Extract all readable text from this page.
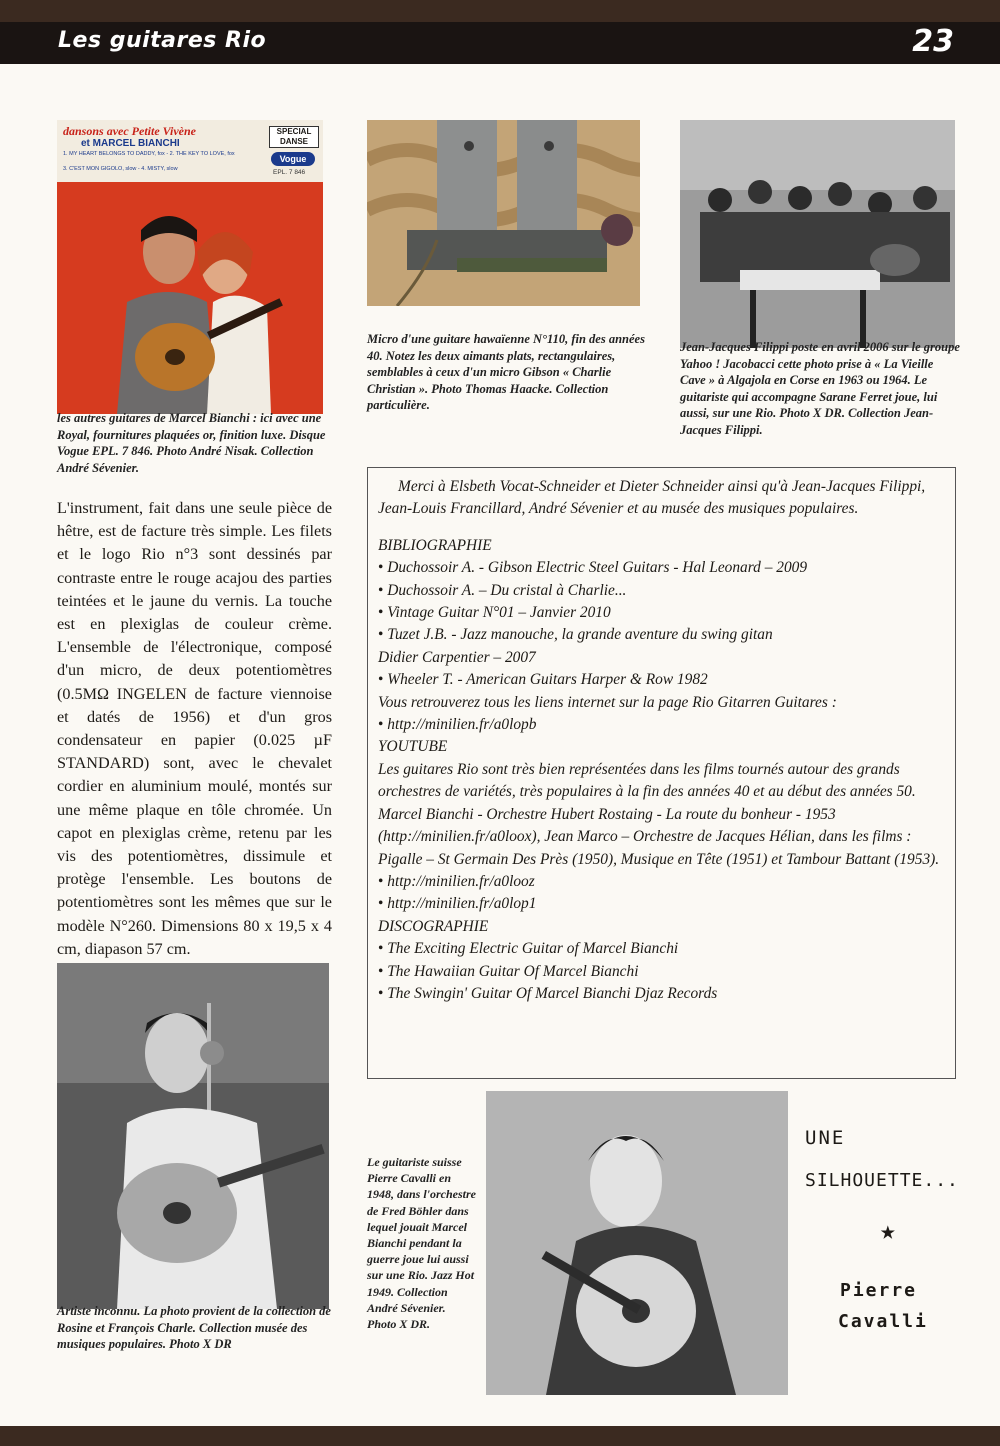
Les guitares Rio	23
dansons avec Petite Vivène
et MARCEL BIANCHI
1. MY HEART BELONGS TO DADDY, fox - 2. THE KEY TO LOVE, fox
3. C'EST MON GIGOLO, slow - 4. MISTY, slow
SPECIAL DANSE
Vogue
EPL. 7 846
les autres guitares de Marcel Bianchi : ici avec une Royal, fournitures plaquées or, finition luxe. Disque Vogue EPL. 7 846. Photo André Nisak. Collection André Sévenier.
Micro d'une guitare hawaïenne N°110, fin des années 40. Notez les deux aimants plats, rectangulaires, semblables à ceux d'un micro Gibson « Charlie Christian ». Photo Thomas Haacke. Collection particulière.
Jean-Jacques Filippi poste en avril 2006 sur le groupe Yahoo ! Jacobacci cette photo prise à « La Vieille Cave » à Algajola en Corse en 1963 ou 1964. Le guitariste qui accompagne Sarane Ferret joue, lui aussi, sur une Rio. Photo X DR. Collection Jean-Jacques Filippi.

L'instrument, fait dans une seule pièce de hêtre, est de facture très simple. Les filets et le logo Rio n°3 sont dessinés par contraste entre le rouge acajou des parties teintées et le jaune du vernis. La touche est en plexiglas de couleur crème. L'ensemble de l'électronique, composé d'un micro, de deux potentiomètres (0.5MΩ INGELEN de facture viennoise et datés de 1956) et d'un gros condensateur en papier (0.025 µF STANDARD) sont, avec le chevalet cordier en aluminium moulé, montés sur une même plaque en tôle chromée. Un capot en plexiglas crème, retenu par les vis des potentiomètres, dissimule et protège l'ensemble. Les boutons de potentiomètres sont les mêmes que sur le modèle N°260. Dimensions 80 x 19,5 x 4 cm, diapason 57 cm.

Merci à Elsbeth Vocat-Schneider et Dieter Schneider ainsi qu'à Jean-Jacques Filippi, Jean-Louis Francillard, André Sévenier et au musée des musiques populaires.

BIBLIOGRAPHIE

• Duchossoir A. - Gibson Electric Steel Guitars - Hal Leonard – 2009
• Duchossoir A. – Du cristal à Charlie...
• Vintage Guitar N°01 – Janvier 2010
• Tuzet J.B. - Jazz manouche, la grande aventure du swing gitan

Didier Carpentier – 2007

• Wheeler T. - American Guitars Harper & Row 1982

Vous retrouverez tous les liens internet sur la page Rio Gitarren Guitares :

• http://minilien.fr/a0lopb

YOUTUBE

Les guitares Rio sont très bien représentées dans les films tournés autour des grands orchestres de variétés, très populaires à la fin des années 40 et au début des années 50. Marcel Bianchi - Orchestre Hubert Rostaing - La route du bonheur - 1953 (http://minilien.fr/a0loox), Jean Marco – Orchestre de Jacques Hélian, dans les films : Pigalle – St Germain Des Près (1950), Musique en Tête (1951) et Tambour Battant (1953).

• http://minilien.fr/a0looz
• http://minilien.fr/a0lop1

DISCOGRAPHIE

• The Exciting Electric Guitar of Marcel Bianchi
• The Hawaiian Guitar Of Marcel Bianchi
• The Swingin' Guitar Of Marcel Bianchi Djaz Records
Artiste inconnu. La photo provient de la collection de Rosine et François Charle. Collection musée des musiques populaires. Photo X DR
Le guitariste suisse Pierre Cavalli en 1948, dans l'orchestre de Fred Böhler dans lequel jouait Marcel Bianchi pendant la guerre joue lui aussi sur une Rio. Jazz Hot 1949. Collection André Sévenier. Photo X DR.
UNE
SILHOUETTE...
★
Pierre
Cavalli
